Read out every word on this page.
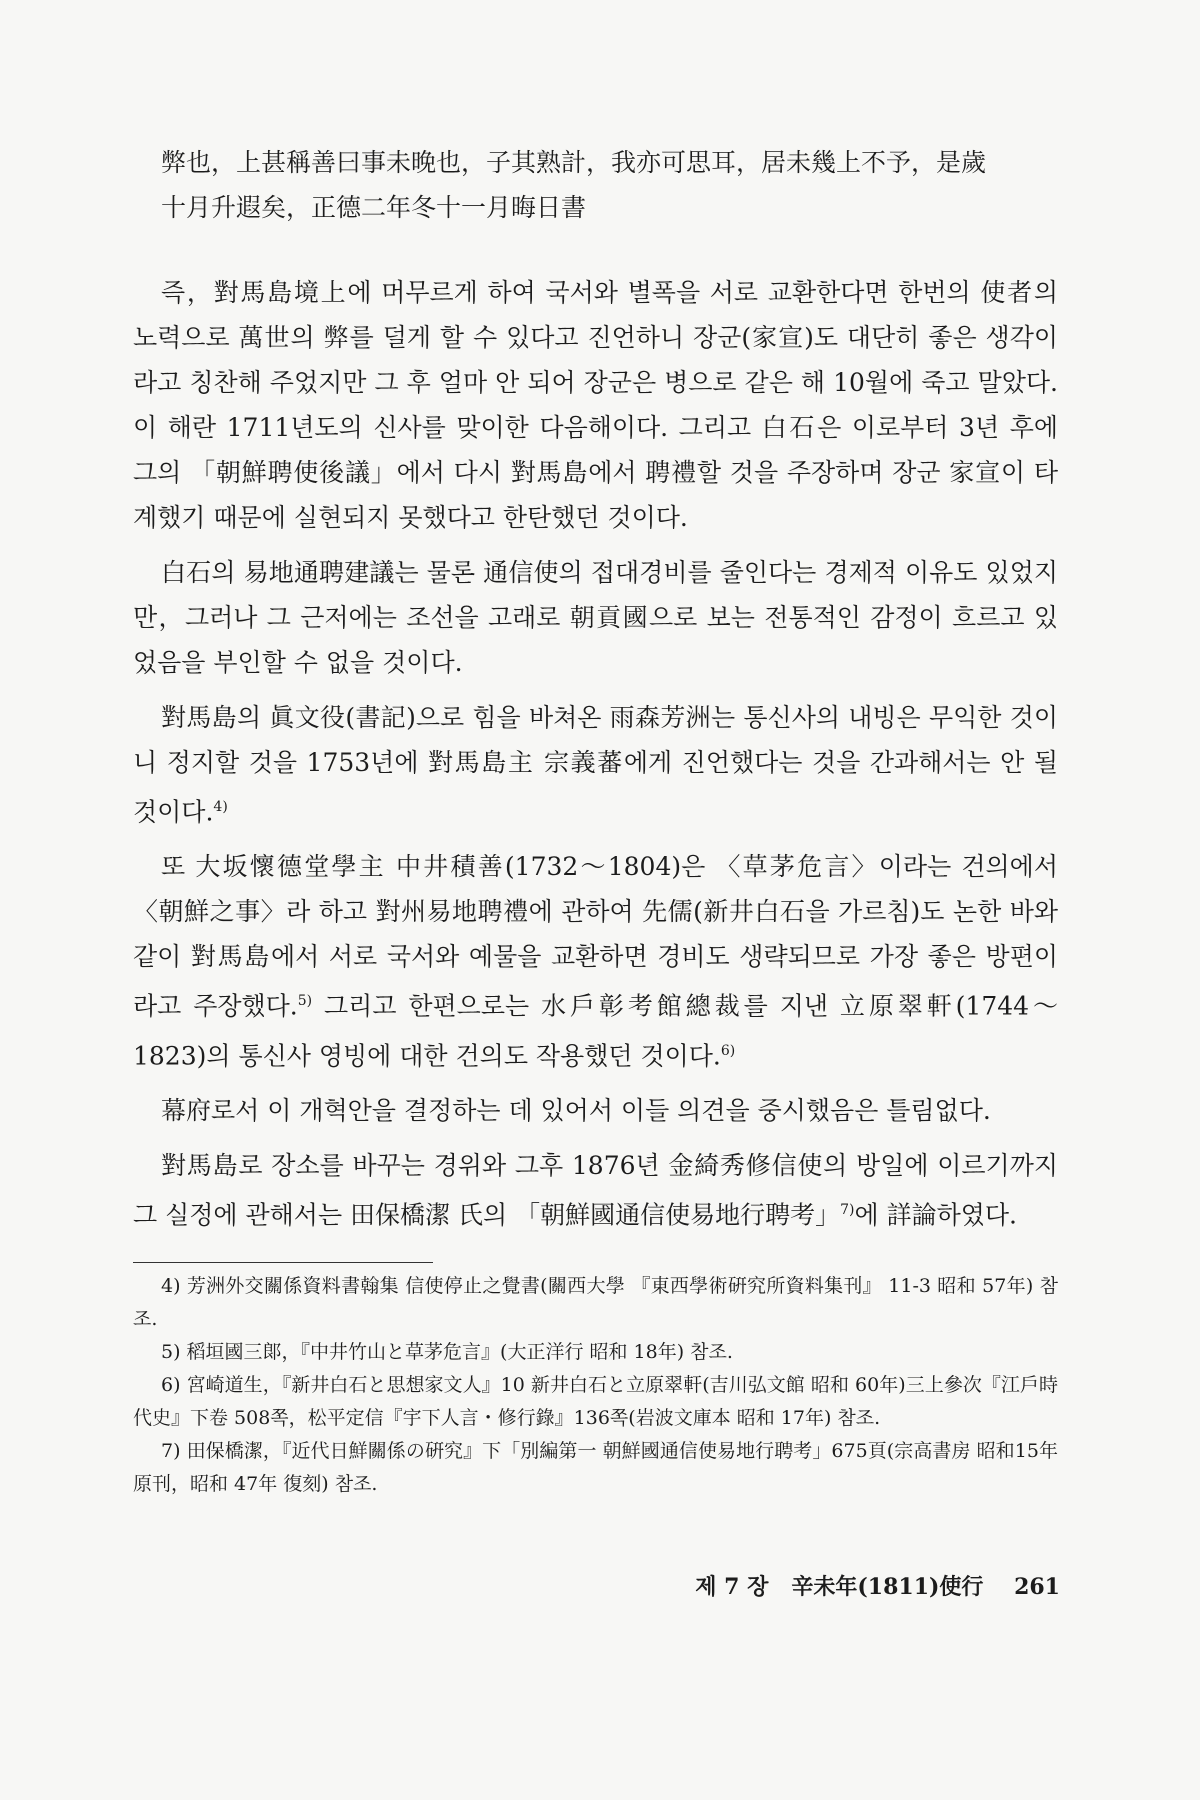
弊也，上甚稱善曰事未晚也，子其熟計，我亦可思耳，居未幾上不予，是歲

十月升遐矣，正德二年冬十一月晦日書

즉，對馬島境上에 머무르게 하여 국서와 별폭을 서로 교환한다면 한번의 使者의 노력으로 萬世의 弊를 덜게 할 수 있다고 진언하니 장군(家宣)도 대단히 좋은 생각이라고 칭찬해 주었지만 그 후 얼마 안 되어 장군은 병으로 같은 해 10월에 죽고 말았다. 이 해란 1711년도의 신사를 맞이한 다음해이다. 그리고 白石은 이로부터 3년 후에 그의 「朝鮮聘使後議」에서 다시 對馬島에서 聘禮할 것을 주장하며 장군 家宣이 타계했기 때문에 실현되지 못했다고 한탄했던 것이다.

白石의 易地通聘建議는 물론 通信使의 접대경비를 줄인다는 경제적 이유도 있었지만，그러나 그 근저에는 조선을 고래로 朝貢國으로 보는 전통적인 감정이 흐르고 있었음을 부인할 수 없을 것이다.

對馬島의 眞文役(書記)으로 힘을 바쳐온 雨森芳洲는 통신사의 내빙은 무익한 것이니 정지할 것을 1753년에 對馬島主 宗義蕃에게 진언했다는 것을 간과해서는 안 될 것이다.$^{4)}$

또 大坂懷德堂學主 中井積善(1732～1804)은 〈草茅危言〉이라는 건의에서 〈朝鮮之事〉라 하고 對州易地聘禮에 관하여 先儒(新井白石을 가르침)도 논한 바와 같이 對馬島에서 서로 국서와 예물을 교환하면 경비도 생략되므로 가장 좋은 방편이라고 주장했다.$^{5)}$ 그리고 한편으로는 水戶彰考館總裁를 지낸 立原翠軒(1744～1823)의 통신사 영빙에 대한 건의도 작용했던 것이다.$^{6)}$

幕府로서 이 개혁안을 결정하는 데 있어서 이들 의견을 중시했음은 틀림없다.

對馬島로 장소를 바꾸는 경위와 그후 1876년 金綺秀修信使의 방일에 이르기까지 그 실정에 관해서는 田保橋潔 氏의 「朝鮮國通信使易地行聘考」$^{7)}$에 詳論하였다.

4) 芳洲外交關係資料書翰集 信使停止之覺書(關西大學 『東西學術硏究所資料集刊』 11-3 昭和 57年) 참조.

5) 稻垣國三郞，『中井竹山と草茅危言』(大正洋行 昭和 18年) 참조.

6) 宮崎道生，『新井白石と思想家文人』10 新井白石と立原翠軒(吉川弘文館 昭和 60年)三上參次『江戶時代史』下卷 508쪽，松平定信『宇下人言・修行錄』136쪽(岩波文庫本 昭和 17年) 참조.

7) 田保橋潔，『近代日鮮關係の硏究』下「別編第一 朝鮮國通信使易地行聘考」675頁(宗高書房 昭和15年 原刊，昭和 47年 復刻) 참조.

제 7 장 辛未年(1811)使行 261
